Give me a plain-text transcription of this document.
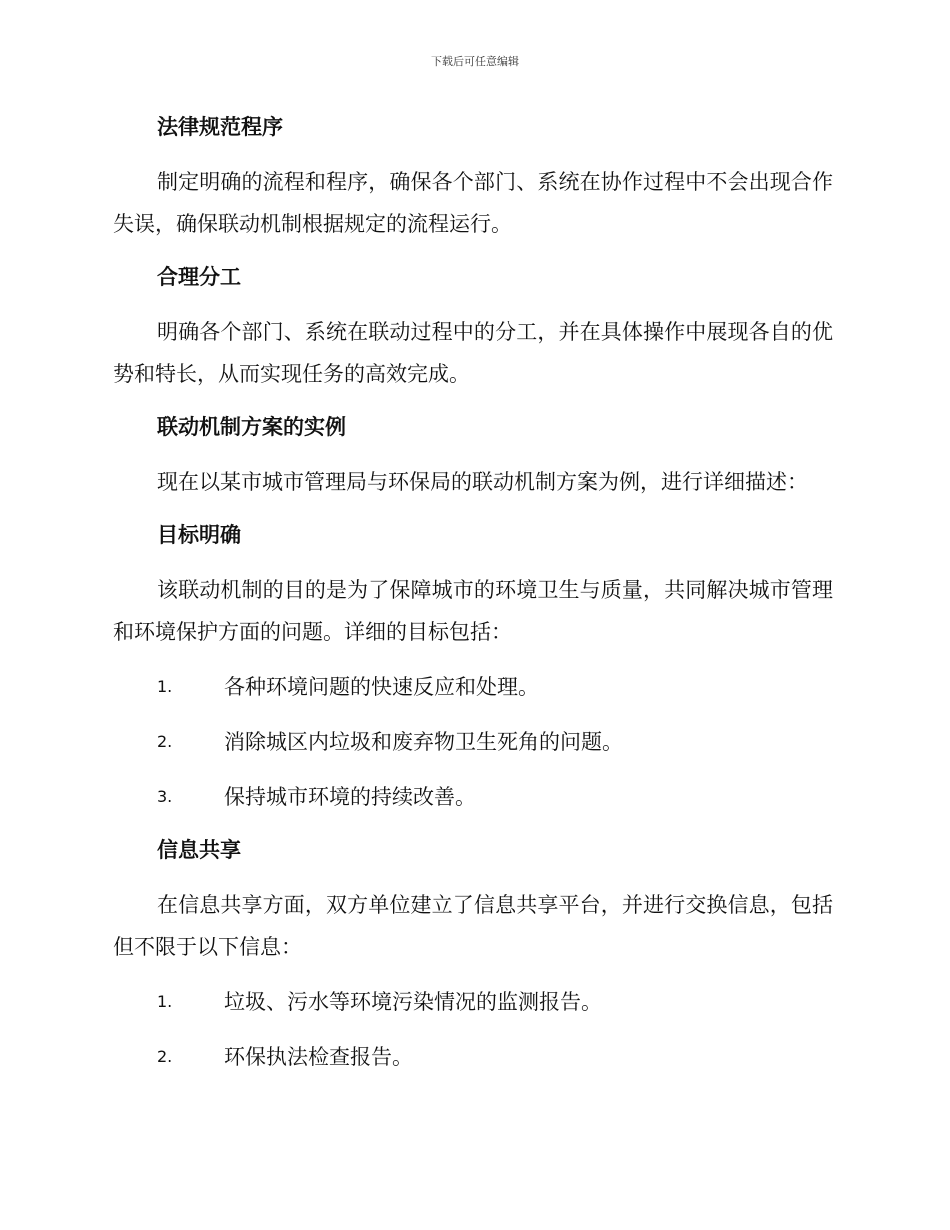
下载后可任意编辑
法律规范程序

制定明确的流程和程序，确保各个部门、系统在协作过程中不会出现合作失误，确保联动机制根据规定的流程运行。

合理分工

明确各个部门、系统在联动过程中的分工，并在具体操作中展现各自的优势和特长，从而实现任务的高效完成。

联动机制方案的实例

现在以某市城市管理局与环保局的联动机制方案为例，进行详细描述：

目标明确

该联动机制的目的是为了保障城市的环境卫生与质量，共同解决城市管理和环境保护方面的问题。详细的目标包括：

1. 各种环境问题的快速反应和处理。
2. 消除城区内垃圾和废弃物卫生死角的问题。
3. 保持城市环境的持续改善。
信息共享

在信息共享方面，双方单位建立了信息共享平台，并进行交换信息，包括但不限于以下信息：

1. 垃圾、污水等环境污染情况的监测报告。
2. 环保执法检查报告。
